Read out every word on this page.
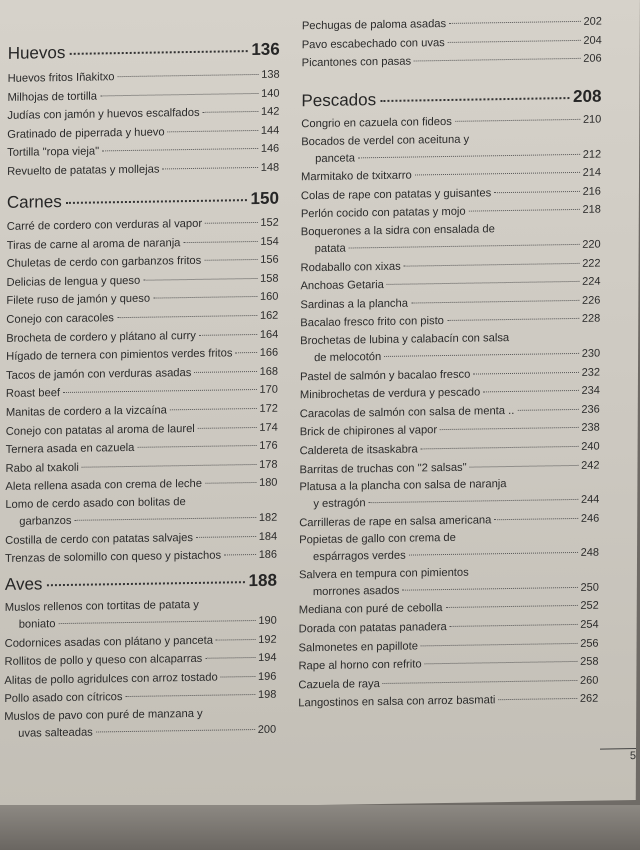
Huevos	136
Huevos fritos Iñakitxo	138
Milhojas de tortilla	140
Judías con jamón y huevos escalfados	142
Gratinado de piperrada y huevo	144
Tortilla "ropa vieja"	146
Revuelto de patatas y mollejas	148
Carnes	150
Carré de cordero con verduras al vapor	152
Tiras de carne al aroma de naranja	154
Chuletas de cerdo con garbanzos fritos	156
Delicias de lengua y queso	158
Filete ruso de jamón y queso	160
Conejo con caracoles	162
Brocheta de cordero y plátano al curry	164
Hígado de ternera con pimientos verdes fritos 166
Tacos de jamón con verduras asadas	168
Roast beef	170
Manitas de cordero a la vizcaína	172
Conejo con patatas al aroma de laurel	174
Ternera asada en cazuela	176
Rabo al txakoli	178
Aleta rellena asada con crema de leche	180
Lomo de cerdo asado con bolitas de
garbanzos	182
Costilla de cerdo con patatas salvajes	184
Trenzas de solomillo con queso y pistachos	186
Aves	188
Muslos rellenos con tortitas de patata y
boniato	190
Codornices asadas con plátano y panceta	192
Rollitos de pollo y queso con alcaparras	194
Alitas de pollo agridulces con arroz tostado	196
Pollo asado con cítricos	198
Muslos de pavo con puré de manzana y
uvas salteadas	200
Pechugas de paloma asadas	202
Pavo escabechado con uvas	204
Picantones con pasas	206
Pescados	208
Congrio en cazuela con fideos	210
Bocados de verdel con aceituna y
panceta	212
Marmitako de txitxarro	214
Colas de rape con patatas y guisantes	216
Perlón cocido con patatas y mojo	218
Boquerones a la sidra con ensalada de
patata	220
Rodaballo con xixas	222
Anchoas Getaria	224
Sardinas a la plancha	226
Bacalao fresco frito con pisto	228
Brochetas de lubina y calabacín con salsa
de melocotón	230
Pastel de salmón y bacalao fresco	232
Minibrochetas de verdura y pescado	234
Caracolas de salmón con salsa de menta ..	236
Brick de chipirones al vapor	238
Caldereta de itsaskabra	240
Barritas de truchas con "2 salsas"	242
Platusa a la plancha con salsa de naranja
y estragón	244
Carrilleras de rape en salsa americana	246
Popietas de gallo con crema de
espárragos verdes	248
Salvera en tempura con pimientos
morrones asados	250
Mediana con puré de cebolla	252
Dorada con patatas panadera	254
Salmonetes en papillote	256
Rape al horno con refrito	258
Cazuela de raya	260
Langostinos en salsa con arroz basmati	262
5
